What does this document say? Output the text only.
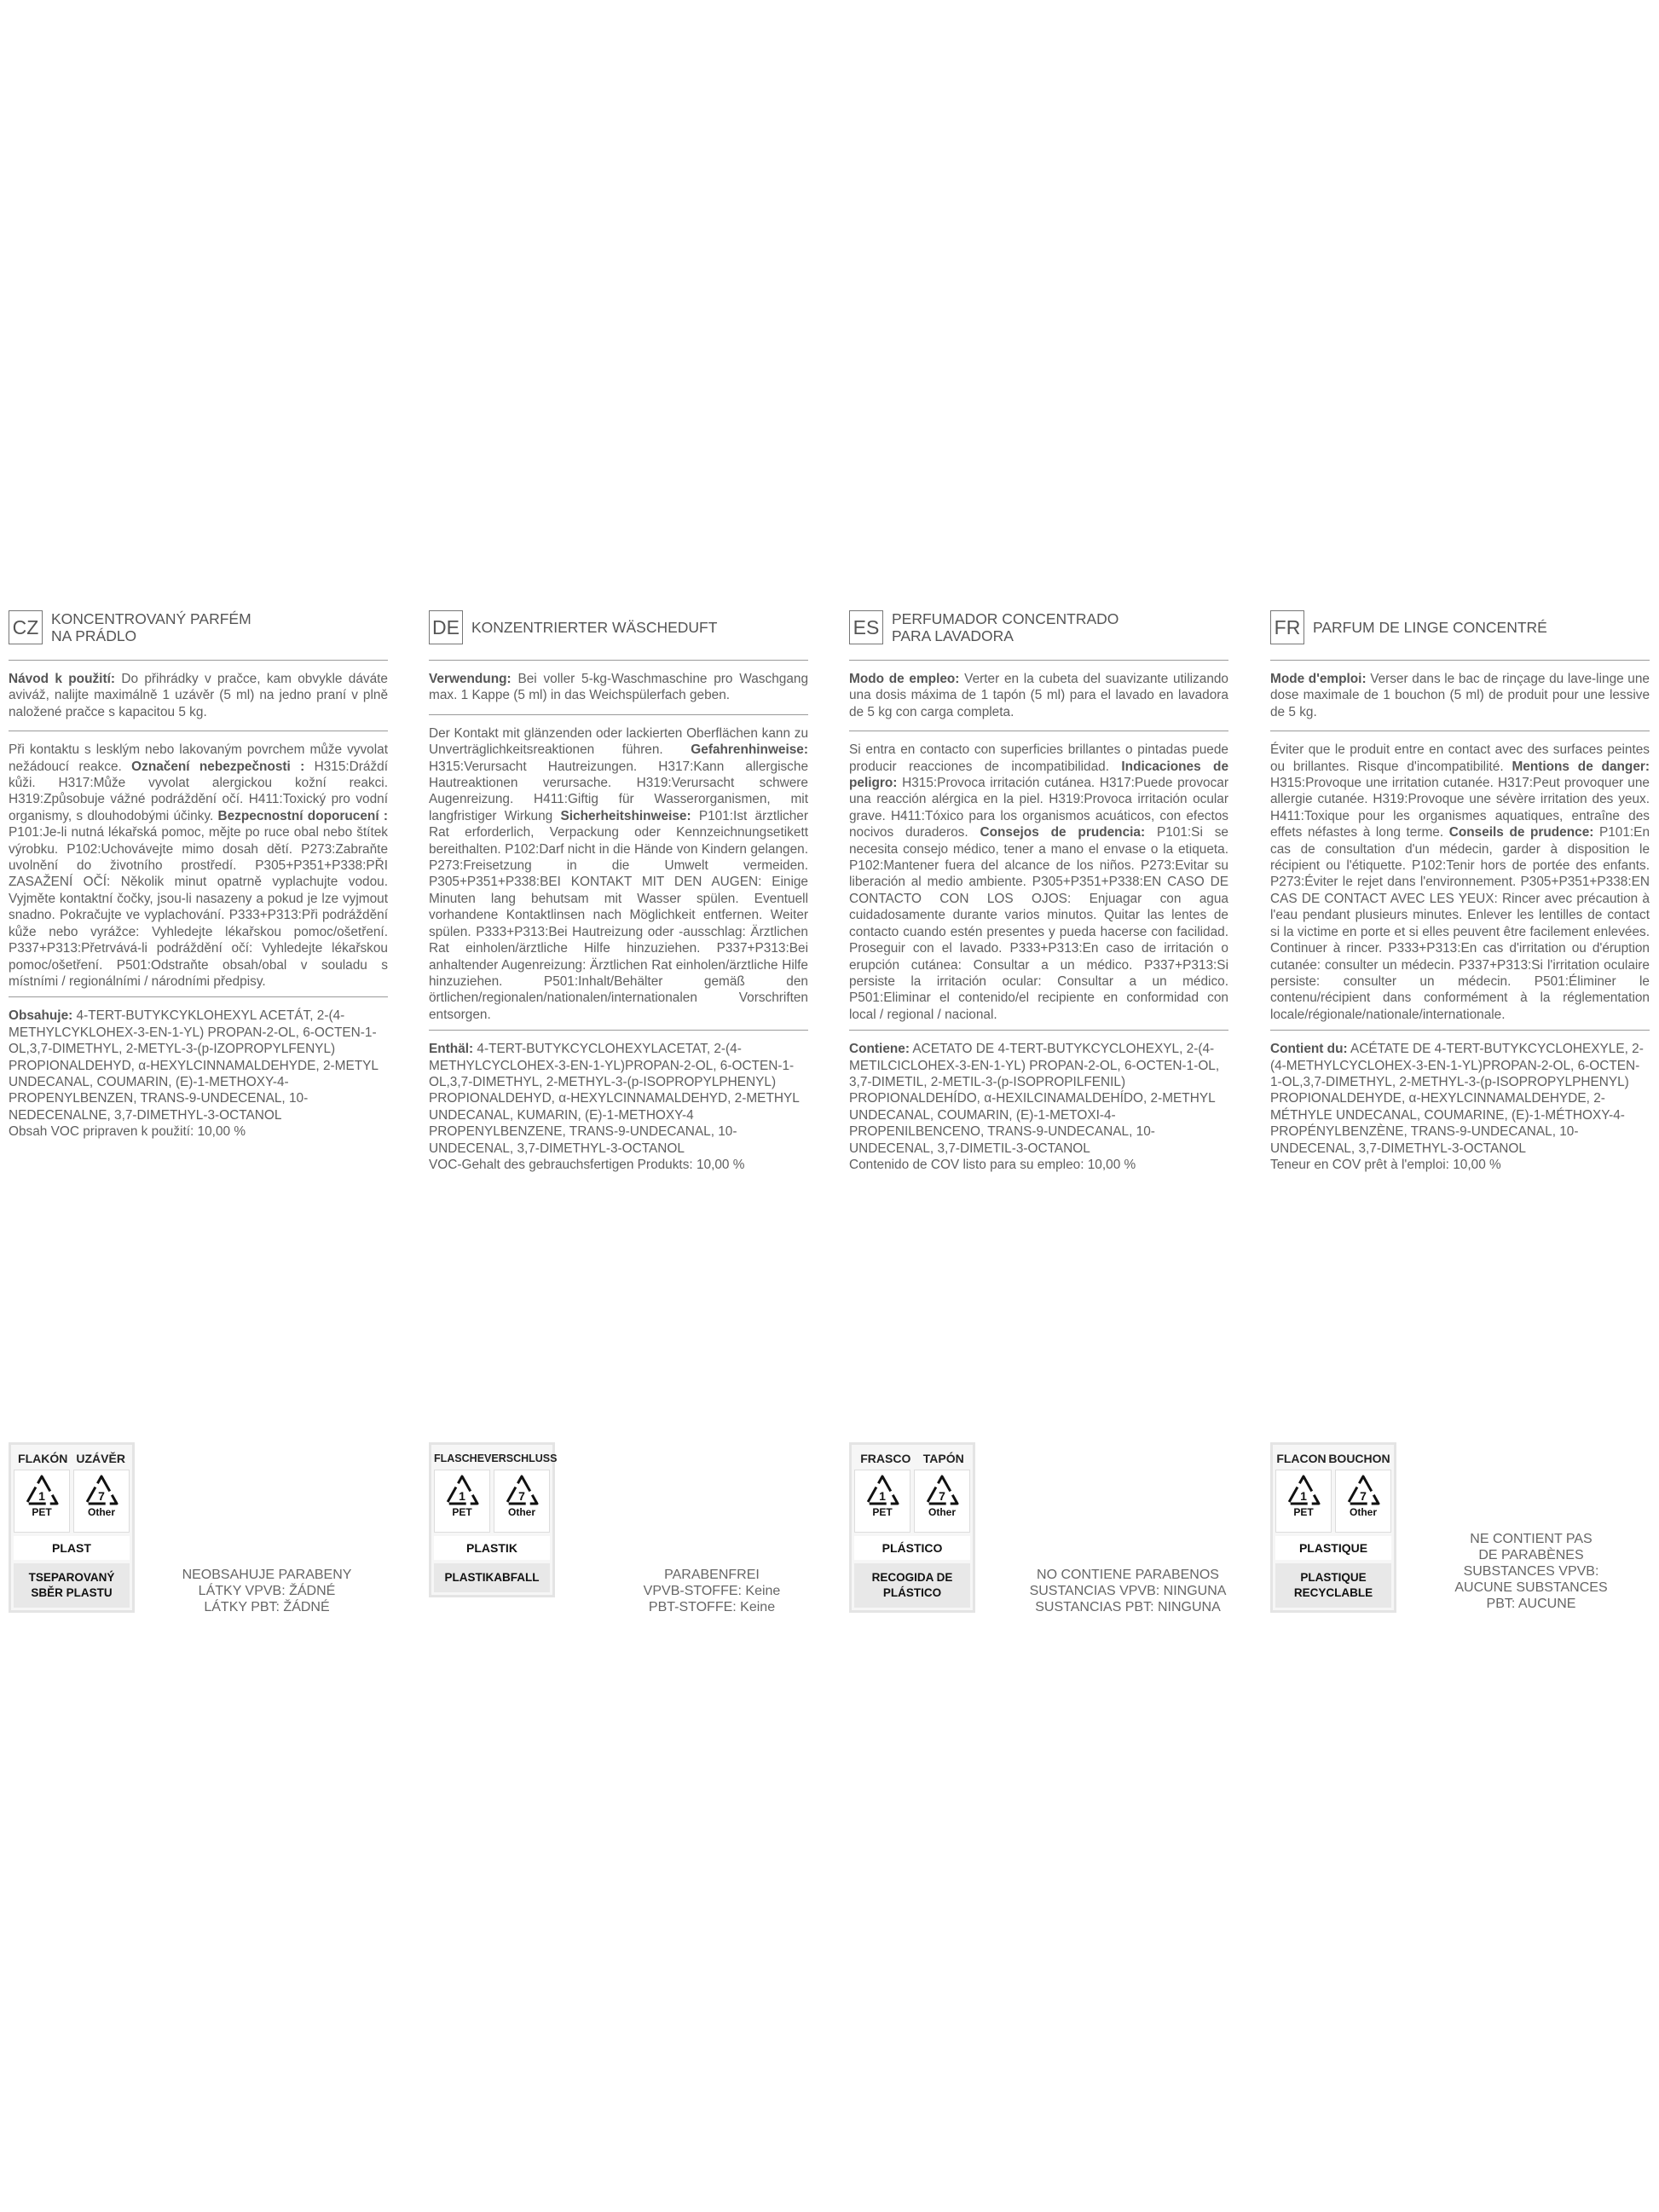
CZ KONCENTROVANÝ PARFÉM
NA PRÁDLO

Návod k použití: Do přihrádky v pračce, kam obvykle dáváte aviváž, nalijte maximálně 1 uzávěr (5 ml) na jedno praní v plně naložené pračce s kapacitou 5 kg.

Při kontaktu s lesklým nebo lakovaným povrchem může vyvolat nežádoucí reakce. Označení nebezpečnosti : H315:Dráždí kůži. H317:Může vyvolat alergickou kožní reakci. H319:Způsobuje vážné podráždění očí. H411:Toxický pro vodní organismy, s dlouhodobými účinky. Bezpecnostní doporucení : P101:Je-li nutná lékařská pomoc, mějte po ruce obal nebo štítek výrobku. P102:Uchovávejte mimo dosah dětí. P273:Zabraňte uvolnění do životního prostředí. P305+P351+P338:PŘI ZASAŽENÍ OČÍ: Několik minut opatrně vyplachujte vodou. Vyjměte kontaktní čočky, jsou-li nasazeny a pokud je lze vyjmout snadno. Pokračujte ve vyplachování. P333+P313:Při podráždění kůže nebo vyrážce: Vyhledejte lékařskou pomoc/ošetření. P337+P313:Přetrvává-li podráždění očí: Vyhledejte lékařskou pomoc/ošetření. P501:Odstraňte obsah/obal v souladu s místními / regionálními / národními předpisy.

Obsahuje: 4-TERT-BUTYKCYKLOHEXYL ACETÁT, 2-(4-METHYLCYKLOHEX-3-EN-1-YL) PROPAN-2-OL, 6-OCTEN-1-OL,3,7-DIMETHYL, 2-METYL-3-(p-IZOPROPYLFENYL) PROPIONALDEHYD, α-HEXYLCINNAMALDEHYDE, 2-METYL UNDECANAL, COUMARIN, (E)-1-METHOXY-4-PROPENYLBENZEN, TRANS-9-UNDECENAL, 10-NEDECENALNE, 3,7-DIMETHYL-3-OCTANOL

Obsah VOC pripraven k použití: 10,00 %
DE KONZENTRIERTER WÄSCHEDUFT

Verwendung: Bei voller 5-kg-Waschmaschine pro Waschgang max. 1 Kappe (5 ml) in das Weichspülerfach geben.

Der Kontakt mit glänzenden oder lackierten Oberflächen kann zu Unverträglichkeitsreaktionen führen. Gefahrenhinweise: H315:Verursacht Hautreizungen. H317:Kann allergische Hautreaktionen verursache. H319:Verursacht schwere Augenreizung. H411:Giftig für Wasserorganismen, mit langfristiger Wirkung Sicherheitshinweise: P101:Ist ärztlicher Rat erforderlich, Verpackung oder Kennzeichnungsetikett bereithalten. P102:Darf nicht in die Hände von Kindern gelangen. P273:Freisetzung in die Umwelt vermeiden. P305+P351+P338:BEI KONTAKT MIT DEN AUGEN: Einige Minuten lang behutsam mit Wasser spülen. Eventuell vorhandene Kontaktlinsen nach Möglichkeit entfernen. Weiter spülen. P333+P313:Bei Hautreizung oder -ausschlag: Ärztlichen Rat einholen/ärztliche Hilfe hinzuziehen. P337+P313:Bei anhaltender Augenreizung: Ärztlichen Rat einholen/ärztliche Hilfe hinzuziehen. P501:Inhalt/Behälter gemäß den örtlichen/regionalen/nationalen/internationalen Vorschriften entsorgen.

Enthäl: 4-TERT-BUTYKCYCLOHEXYLACETAT, 2-(4-METHYLCYCLOHEX-3-EN-1-YL)PROPAN-2-OL, 6-OCTEN-1-OL,3,7-DIMETHYL, 2-METHYL-3-(p-ISOPROPYLPHENYL) PROPIONALDEHYD, α-HEXYLCINNAMALDEHYD, 2-METHYL UNDECANAL, KUMARIN, (E)-1-METHOXY-4 PROPENYLBENZENE, TRANS-9-UNDECANAL, 10-UNDECENAL, 3,7-DIMETHYL-3-OCTANOL

VOC-Gehalt des gebrauchsfertigen Produkts: 10,00 %
ES PERFUMADOR CONCENTRADO
PARA LAVADORA

Modo de empleo: Verter en la cubeta del suavizante utilizando una dosis máxima de 1 tapón (5 ml) para el lavado en lavadora de 5 kg con carga completa.

Si entra en contacto con superficies brillantes o pintadas puede producir reacciones de incompatibilidad. Indicaciones de peligro: H315:Provoca irritación cutánea. H317:Puede provocar una reacción alérgica en la piel. H319:Provoca irritación ocular grave. H411:Tóxico para los organismos acuáticos, con efectos nocivos duraderos. Consejos de prudencia: P101:Si se necesita consejo médico, tener a mano el envase o la etiqueta. P102:Mantener fuera del alcance de los niños. P273:Evitar su liberación al medio ambiente. P305+P351+P338:EN CASO DE CONTACTO CON LOS OJOS: Enjuagar con agua cuidadosamente durante varios minutos. Quitar las lentes de contacto cuando estén presentes y pueda hacerse con facilidad. Proseguir con el lavado. P333+P313:En caso de irritación o erupción cutánea: Consultar a un médico. P337+P313:Si persiste la irritación ocular: Consultar a un médico. P501:Eliminar el contenido/el recipiente en conformidad con local / regional / nacional.

Contiene: ACETATO DE 4-TERT-BUTYKCYCLOHEXYL, 2-(4-METILCICLOHEX-3-EN-1-YL) PROPAN-2-OL, 6-OCTEN-1-OL, 3,7-DIMETIL, 2-METIL-3-(p-ISOPROPILFENIL) PROPIONALDEHÍDO, α-HEXILCINAMALDEHÍDO, 2-METHYL UNDECANAL, COUMARIN, (E)-1-METOXI-4-PROPENILBENCENO, TRANS-9-UNDECANAL, 10-UNDECENAL, 3,7-DIMETIL-3-OCTANOL

Contenido de COV listo para su empleo: 10,00 %
FR PARFUM DE LINGE CONCENTRÉ

Mode d'emploi: Verser dans le bac de rinçage du lave-linge une dose maximale de 1 bouchon (5 ml) de produit pour une lessive de 5 kg.

Éviter que le produit entre en contact avec des surfaces peintes ou brillantes. Risque d'incompatibilité. Mentions de danger: H315:Provoque une irritation cutanée. H317:Peut provoquer une allergie cutanée. H319:Provoque une sévère irritation des yeux. H411:Toxique pour les organismes aquatiques, entraîne des effets néfastes à long terme. Conseils de prudence: P101:En cas de consultation d'un médecin, garder à disposition le récipient ou l'étiquette. P102:Tenir hors de portée des enfants. P273:Éviter le rejet dans l'environnement. P305+P351+P338:EN CAS DE CONTACT AVEC LES YEUX: Rincer avec précaution à l'eau pendant plusieurs minutes. Enlever les lentilles de contact si la victime en porte et si elles peuvent être facilement enlevées. Continuer à rincer. P333+P313:En cas d'irritation ou d'éruption cutanée: consulter un médecin. P337+P313:Si l'irritation oculaire persiste: consulter un médecin. P501:Éliminer le contenu/récipient dans conformément à la réglementation locale/régionale/nationale/internationale.

Contient du: ACÉTATE DE 4-TERT-BUTYKCYCLOHEXYLE, 2-(4-METHYLCYCLOHEX-3-EN-1-YL)PROPAN-2-OL, 6-OCTEN-1-OL,3,7-DIMETHYL, 2-METHYL-3-(p-ISOPROPYLPHENYL) PROPIONALDEHYDE, α-HEXYLCINNAMALDEHYDE, 2-MÉTHYLE UNDECANAL, COUMARINE, (E)-1-MÉTHOXY-4-PROPÉNYLBENZÈNE, TRANS-9-UNDECANAL, 10-UNDECENAL, 3,7-DIMETHYL-3-OCTANOL

Teneur en COV prêt à l'emploi: 10,00 %
FLAKÓN UZÁVĚR
1
PET
7
Other
PLAST
TSEPAROVANÝ
SBĚR PLASTU
FLASCHE VERSCHLUSS
1
PET
7
Other
PLASTIK
PLASTIKABFALL
FRASCO TAPÓN
1
PET
7
Other
PLÁSTICO
RECOGIDA DE
PLÁSTICO
FLACON BOUCHON
1
PET
7
Other
PLASTIQUE
PLASTIQUE
RECYCLABLE
NEOBSAHUJE PARABENY
LÁTKY VPVB: ŽÁDNÉ
LÁTKY PBT: ŽÁDNÉ
PARABENFREI
VPVB-STOFFE: Keine
PBT-STOFFE: Keine
NO CONTIENE PARABENOS
SUSTANCIAS VPVB: NINGUNA
SUSTANCIAS PBT: NINGUNA
NE CONTIENT PAS
DE PARABÈNES
SUBSTANCES VPVB:
AUCUNE SUBSTANCES
PBT: AUCUNE
